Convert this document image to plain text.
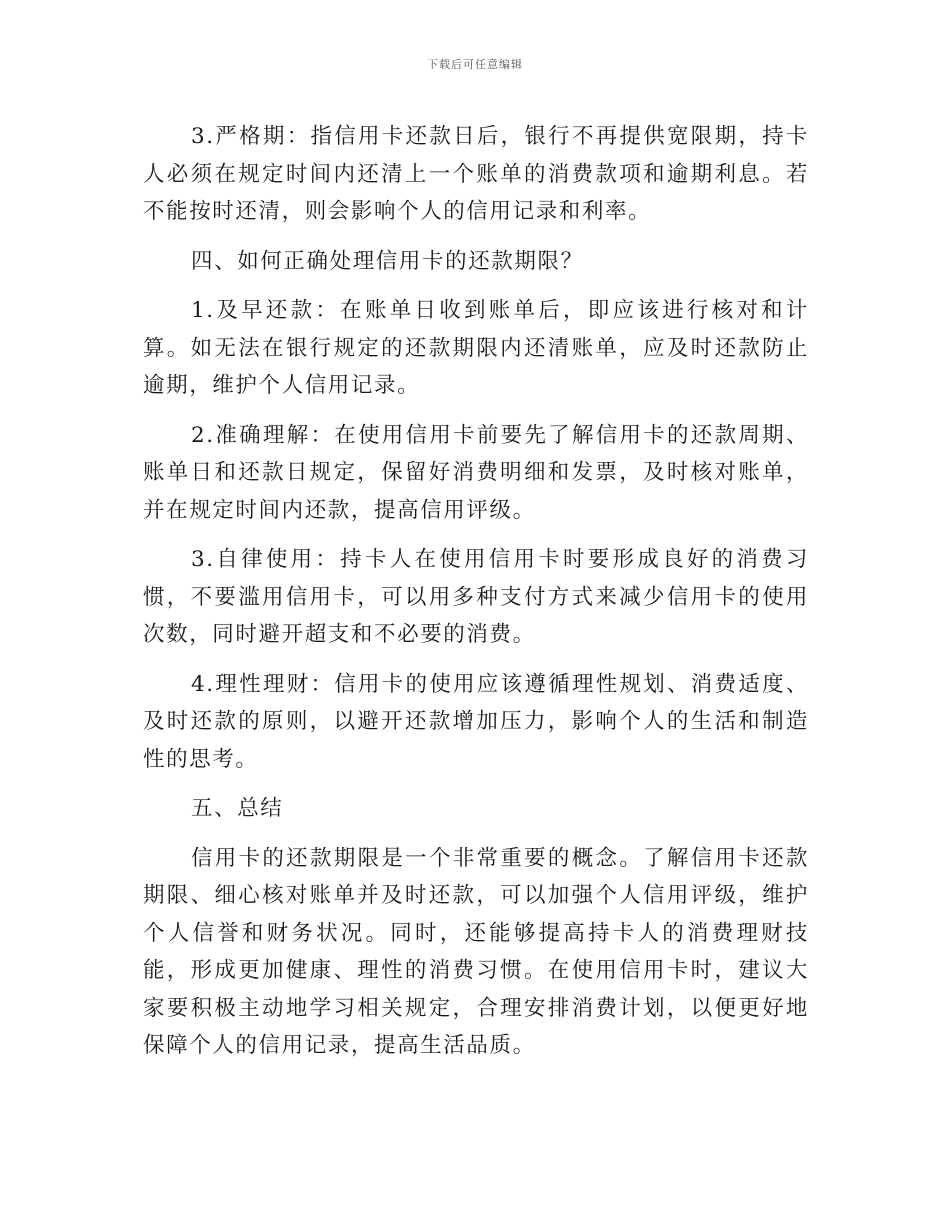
下载后可任意编辑

3.严格期：指信用卡还款日后，银行不再提供宽限期，持卡人必须在规定时间内还清上一个账单的消费款项和逾期利息。若不能按时还清，则会影响个人的信用记录和利率。

四、如何正确处理信用卡的还款期限？

1.及早还款：在账单日收到账单后，即应该进行核对和计算。如无法在银行规定的还款期限内还清账单，应及时还款防止逾期，维护个人信用记录。

2.准确理解：在使用信用卡前要先了解信用卡的还款周期、账单日和还款日规定，保留好消费明细和发票，及时核对账单，并在规定时间内还款，提高信用评级。

3.自律使用：持卡人在使用信用卡时要形成良好的消费习惯，不要滥用信用卡，可以用多种支付方式来减少信用卡的使用次数，同时避开超支和不必要的消费。

4.理性理财：信用卡的使用应该遵循理性规划、消费适度、及时还款的原则，以避开还款增加压力，影响个人的生活和制造性的思考。

五、总结

信用卡的还款期限是一个非常重要的概念。了解信用卡还款期限、细心核对账单并及时还款，可以加强个人信用评级，维护个人信誉和财务状况。同时，还能够提高持卡人的消费理财技能，形成更加健康、理性的消费习惯。在使用信用卡时，建议大家要积极主动地学习相关规定，合理安排消费计划，以便更好地保障个人的信用记录，提高生活品质。
